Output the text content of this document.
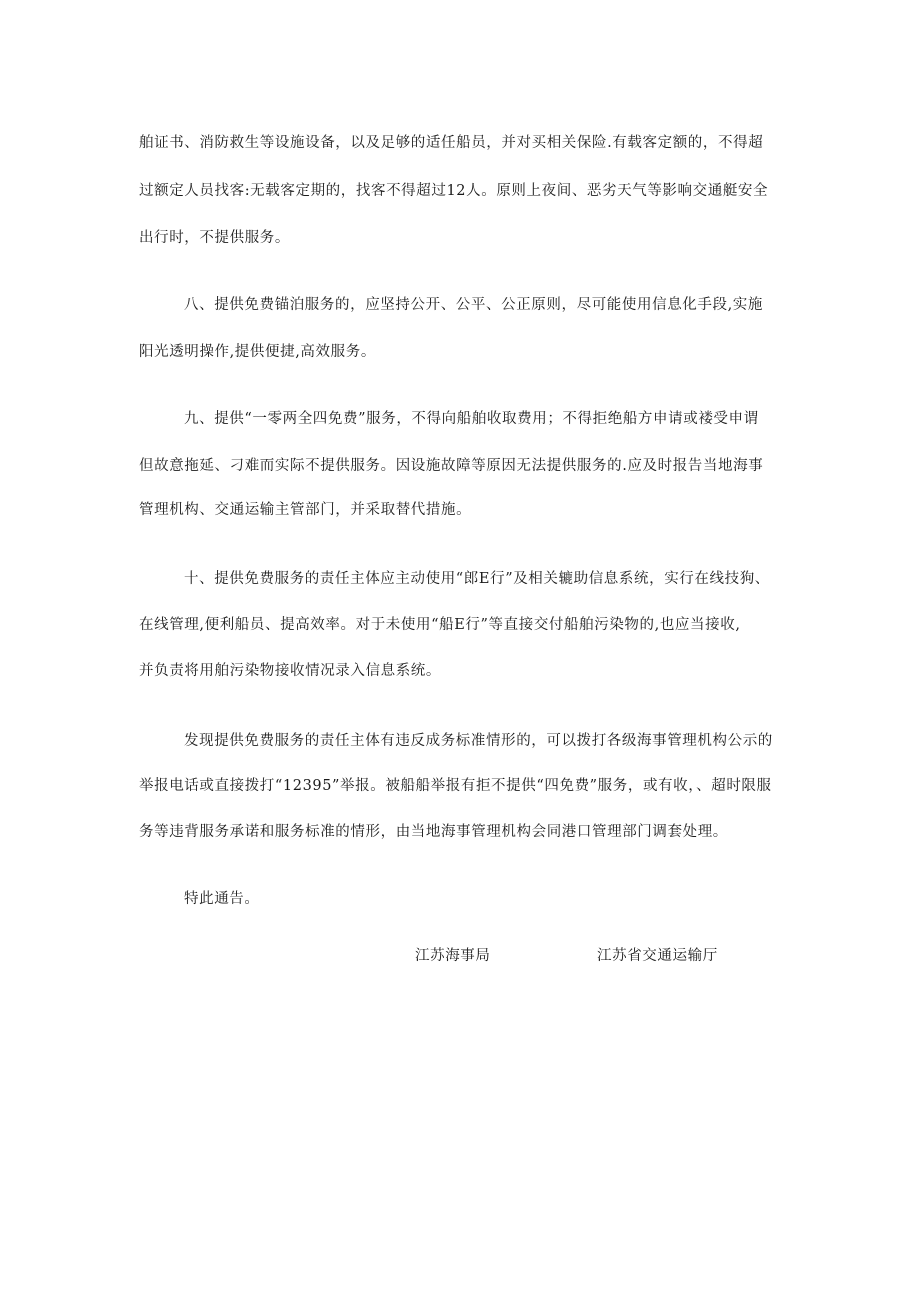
舶证书、消防救生等设施设备，以及足够的适任船员，并对买相关保险.有载客定额的，不得超
过额定人员找客:无载客定期的，找客不得超过12人。原则上夜间、恶劣天气等影响交通艇安全
出行时，不提供服务。
八、提供免费锚泊服务的，应坚持公开、公平、公正原则，尽可能使用信息化手段,实施
阳光透明操作,提供便捷,高效服务。
九、提供“一零两全四免费”服务，不得向船舶收取费用；不得拒绝船方申请或褛受申谓
但故意拖延、刁难而实际不提供服务。因设施故障等原因无法提供服务的.应及时报告当地海事
管理机构、交通运输主管部门，并采取替代措施。
十、提供免费服务的责任主体应主动使用“郎E行”及相关辘助信息系统，实行在线技狗、
在线管理,便利船员、提高效率。对于未使用“船E行”等直接交付船舶污染物的,也应当接收,
并负责将用舶污染物接收情况录入信息系统。
发现提供免费服务的责任主体有违反成务标准情形的，可以拨打各级海事管理机构公示的
举报电话或直接拨打“12395”举报。被船船举报有拒不提供“四免费”服务，或有收，、超时限服
务等违背服务承诺和服务标准的情形，由当地海事管理机构会同港口管理部门调套处理。
特此通告。
江苏海事局	江苏省交通运输厅
